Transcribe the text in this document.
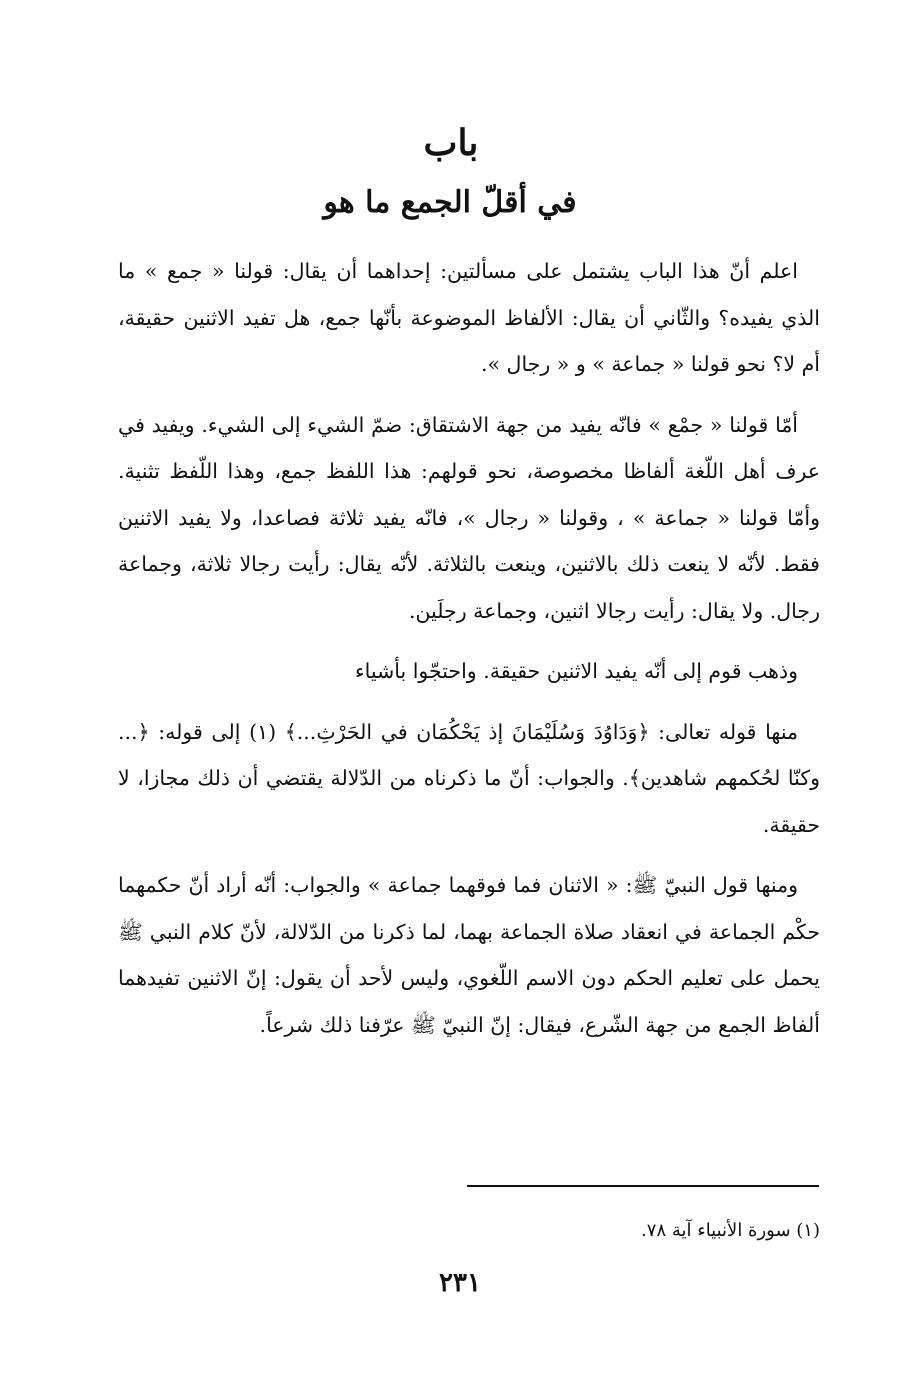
باب
في أقلّ الجمع ما هو

اعلم أنّ هذا الباب يشتمل على مسألتين: إحداهما أن يقال: قولنا « جمع » ما الذي يفيده؟ والثّاني أن يقال: الألفاظ الموضوعة بأنّها جمع، هل تفيد الاثنين حقيقة، أم لا؟ نحو قولنا « جماعة » و « رجال ».

أمّا قولنا « جمْع » فانّه يفيد من جهة الاشتقاق: ضمّ الشيء إلى الشيء. ويفيد في عرف أهل اللّغة ألفاظا مخصوصة، نحو قولهم: هذا اللفظ جمع، وهذا اللّفظ تثنية. وأمّا قولنا « جماعة » ، وقولنا « رجال »، فانّه يفيد ثلاثة فصاعدا، ولا يفيد الاثنين فقط. لأنّه لا ينعت ذلك بالاثنين، وينعت بالثلاثة. لأنّه يقال: رأيت رجالا ثلاثة، وجماعة رجال. ولا يقال: رأيت رجالا اثنين، وجماعة رجلَين.

وذهب قوم إلى أنّه يفيد الاثنين حقيقة. واحتجّوا بأشياء

منها قوله تعالى: ﴿وَدَاوُدَ وَسُلَيْمَانَ إذ يَحْكُمَان في الحَرْثِ...﴾ (١) إلى قوله: ﴿... وكنّا لحُكمهم شاهدين﴾. والجواب: أنّ ما ذكرناه من الدّلالة يقتضي أن ذلك مجازا، لا حقيقة.

ومنها قول النبيّ ﷺ: « الاثنان فما فوقهما جماعة » والجواب: أنّه أراد أنّ حكمهما حكْم الجماعة في انعقاد صلاة الجماعة بهما، لما ذكرنا من الدّلالة، لأنّ كلام النبي ﷺ يحمل على تعليم الحكم دون الاسم اللّغوي، وليس لأحد أن يقول: إنّ الاثنين تفيدهما ألفاظ الجمع من جهة الشّرع، فيقال: إنّ النبيّ ﷺ عرّفنا ذلك شرعاً.

(١) سورة الأنبياء آية ٧٨.
٢٣١
